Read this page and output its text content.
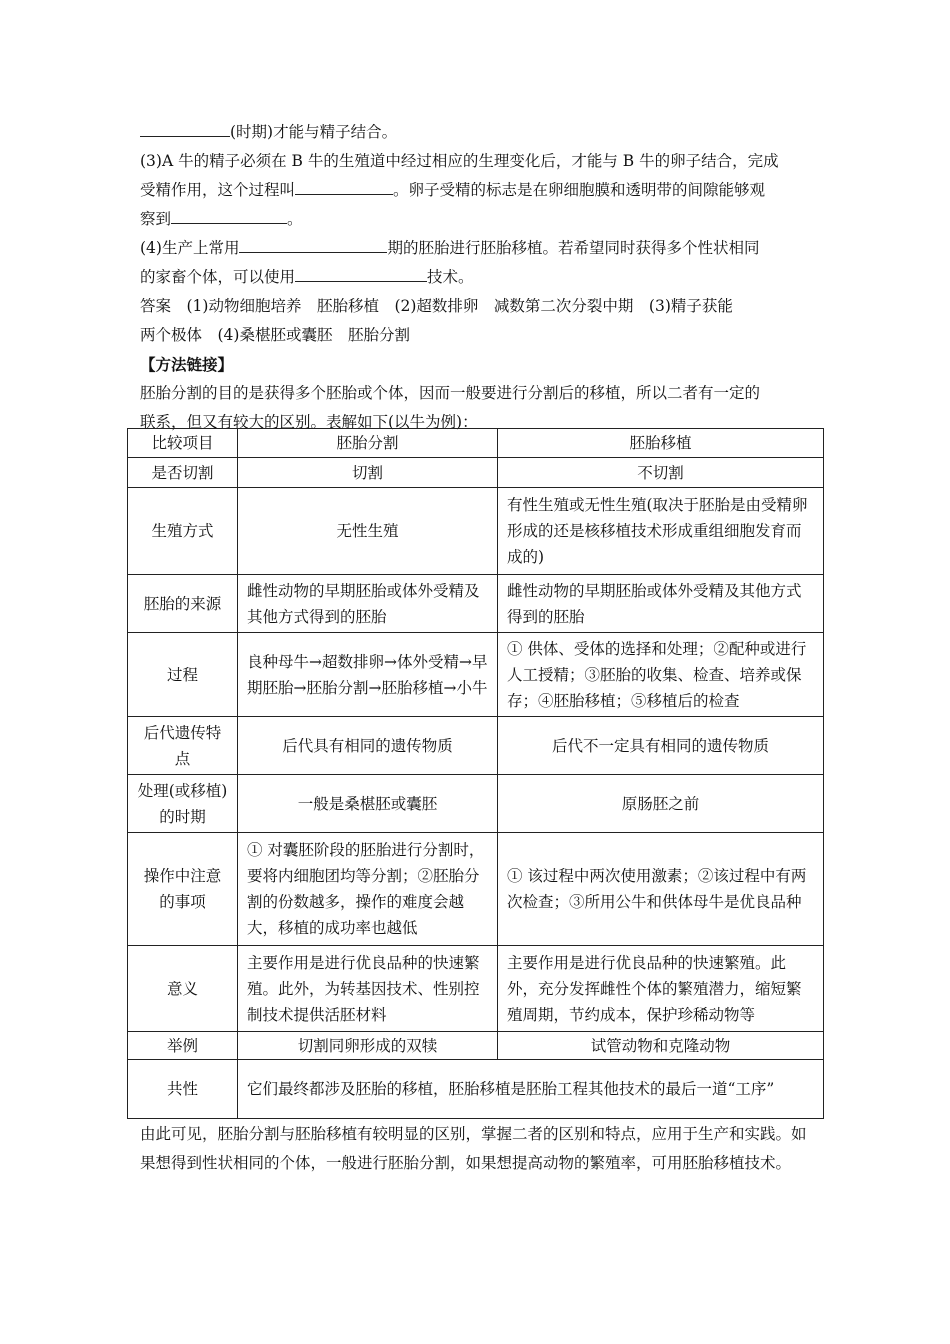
(时期)才能与精子结合。

(3)A 牛的精子必须在 B 牛的生殖道中经过相应的生理变化后，才能与 B 牛的卵子结合，完成

受精作用，这个过程叫	。卵子受精的标志是在卵细胞膜和透明带的间隙能够观

察到	。

(4)生产上常用	期的胚胎进行胚胎移植。若希望同时获得多个性状相同

的家畜个体，可以使用	技术。

答案　(1)动物细胞培养　胚胎移植　(2)超数排卵　减数第二次分裂中期　(3)精子获能

两个极体　(4)桑椹胚或囊胚　胚胎分割

【方法链接】

胚胎分割的目的是获得多个胚胎或个体，因而一般要进行分割后的移植，所以二者有一定的

联系，但又有较大的区别。表解如下(以牛为例)：

比较项目	胚胎分割	胚胎移植
是否切割	切割	不切割
生殖方式	无性生殖	有性生殖或无性生殖(取决于胚胎是由受精卵形成的还是核移植技术形成重组细胞发育而成的)
胚胎的来源	雌性动物的早期胚胎或体外受精及其他方式得到的胚胎	雌性动物的早期胚胎或体外受精及其他方式得到的胚胎
过程	良种母牛→超数排卵→体外受精→早期胚胎→胚胎分割→胚胎移植→小牛	① 供体、受体的选择和处理；②配种或进行人工授精；③胚胎的收集、检查、培养或保存；④胚胎移植；⑤移植后的检查
后代遗传特点	后代具有相同的遗传物质	后代不一定具有相同的遗传物质
处理(或移植)的时期	一般是桑椹胚或囊胚	原肠胚之前
操作中注意的事项	① 对囊胚阶段的胚胎进行分割时，要将内细胞团均等分割；②胚胎分割的份数越多，操作的难度会越大，移植的成功率也越低	① 该过程中两次使用激素；②该过程中有两次检查；③所用公牛和供体母牛是优良品种
意义	主要作用是进行优良品种的快速繁殖。此外，为转基因技术、性别控制技术提供活胚材料	主要作用是进行优良品种的快速繁殖。此外，充分发挥雌性个体的繁殖潜力，缩短繁殖周期，节约成本，保护珍稀动物等
举例	切割同卵形成的双犊	试管动物和克隆动物
共性	它们最终都涉及胚胎的移植，胚胎移植是胚胎工程其他技术的最后一道“工序”	

由此可见，胚胎分割与胚胎移植有较明显的区别，掌握二者的区别和特点，应用于生产和实践。如果想得到性状相同的个体，一般进行胚胎分割，如果想提高动物的繁殖率，可用胚胎移植技术。
